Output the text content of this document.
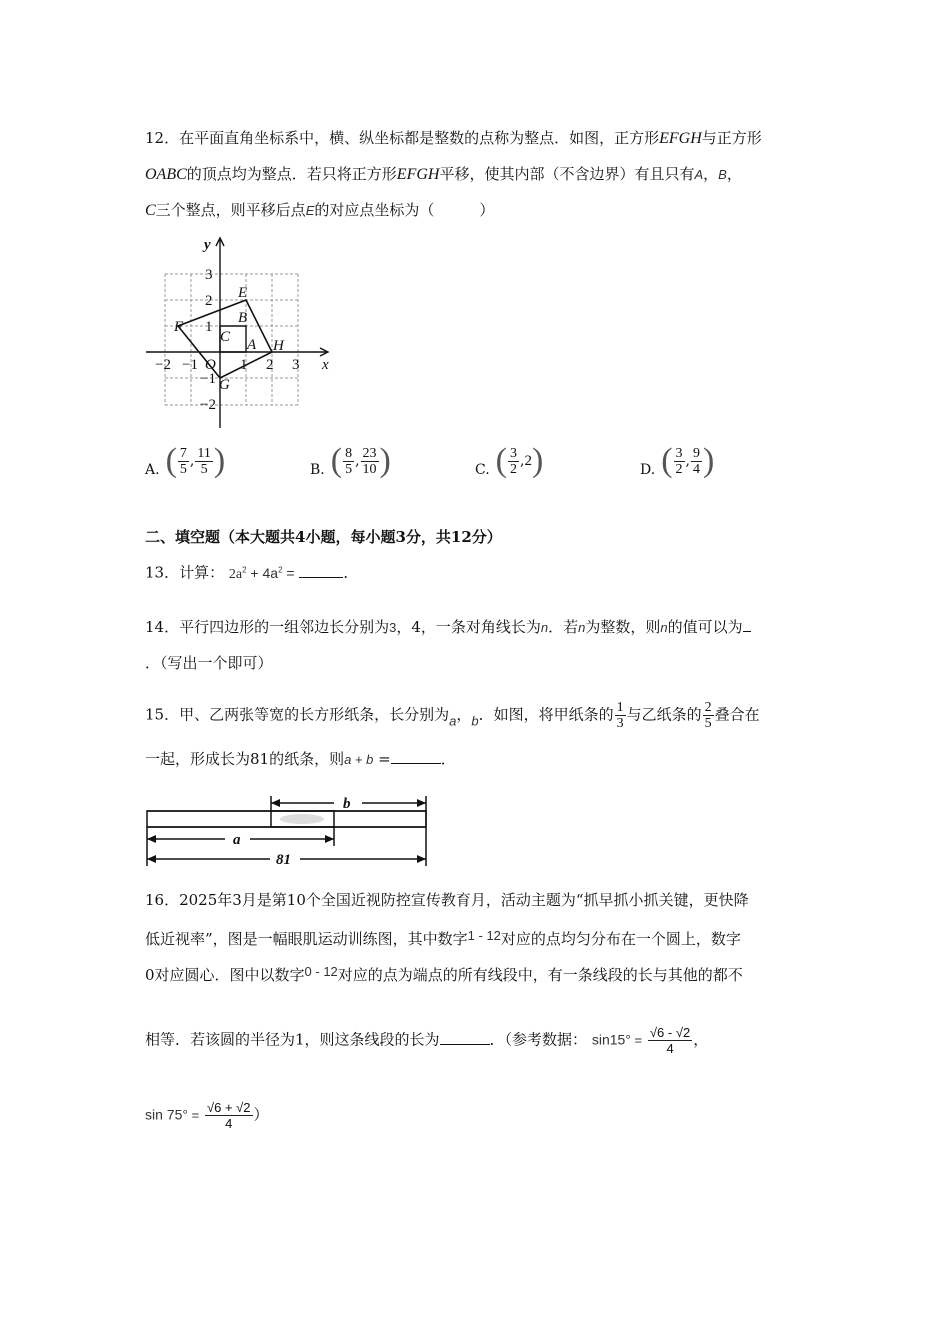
12．在平面直角坐标系中，横、纵坐标都是整数的点称为整点．如图，正方形EFGH与正方形
OABC的顶点均为整点．若只将正方形EFGH平移，使其内部（不含边界）有且只有A，B，
C三个整点，则平移后点E的对应点坐标为（　　　）
x
y
−2 −1	1 2 3
3
2
1
−1
−2
O
E
F
G
H
A
B
C
A. ( $\frac{7}{5}$ , $\frac{11}{5}$ )	B. ( $\frac{8}{5}$ , $\frac{23}{10}$ )	C. ( $\frac{3}{2}$ , 2 )	D. ( $\frac{3}{2}$ , $\frac{9}{4}$ )
二、填空题（本大题共4小题，每小题3分，共12分）
13．计算： $2a^2 + 4a^2$ =	．
14．平行四边形的一组邻边长分别为3，4，一条对角线长为n．若n为整数，则n的值可以为
．（写出一个即可）
15．甲、乙两张等宽的长方形纸条，长分别为a，b．如图，将甲纸条的 $\frac{1}{3}$ 与乙纸条的 $\frac{2}{5}$ 叠合在
一起，形成长为81的纸条，则a + b =	．
b
a
81
16．2025年3月是第10个全国近视防控宣传教育月，活动主题为“抓早抓小抓关键，更快降
低近视率”，图是一幅眼肌运动训练图，其中数字1 - 12对应的点均匀分布在一个圆上，数字
0对应圆心．图中以数字0 - 12对应的点为端点的所有线段中，有一条线段的长与其他的都不
相等．若该圆的半径为1，则这条线段的长为	．（参考数据： $\sin 15^\circ = \frac{√6 - √2}{4}$ ，
$\sin 75^\circ = \frac{√6 + √2}{4}$ ）
